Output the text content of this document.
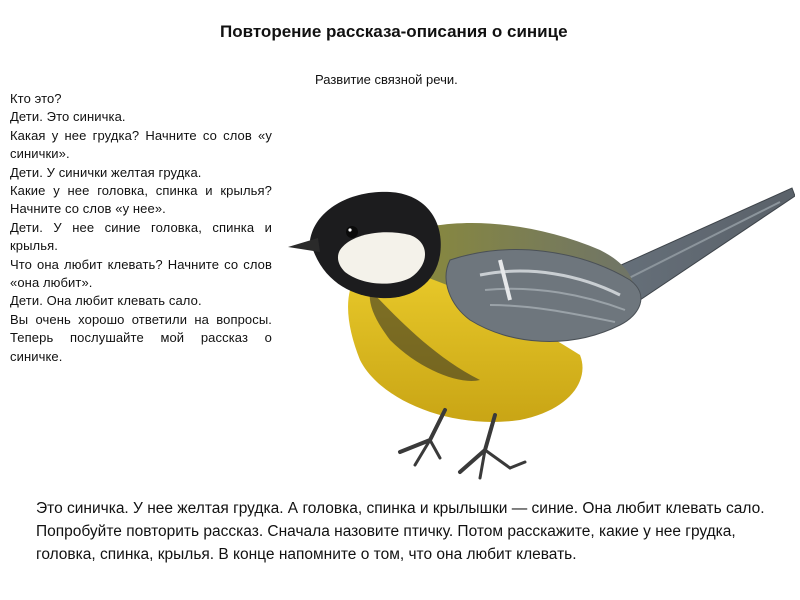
Повторение рассказа-описания о синице

Развитие связной речи.

Кто это?
Дети. Это синичка.
Какая у нее грудка? Начните со слов «у синички».
Дети. У синички желтая грудка.
Какие у нее головка, спинка и крылья? Начните со слов «у нее».
Дети. У нее синие головка, спинка и крылья.
Что она любит клевать? Начните со слов «она любит».
Дети. Она любит клевать сало.
Вы очень хорошо ответили на вопросы. Теперь послушайте мой рассказ о синичке.
Это синичка. У нее желтая грудка. А головка, спинка и крылышки — синие. Она любит клевать сало.
Попробуйте повторить рассказ. Сначала назовите птичку. Потом расскажите, какие у нее грудка, головка, спинка, крылья. В конце напомните о том, что она любит клевать.
